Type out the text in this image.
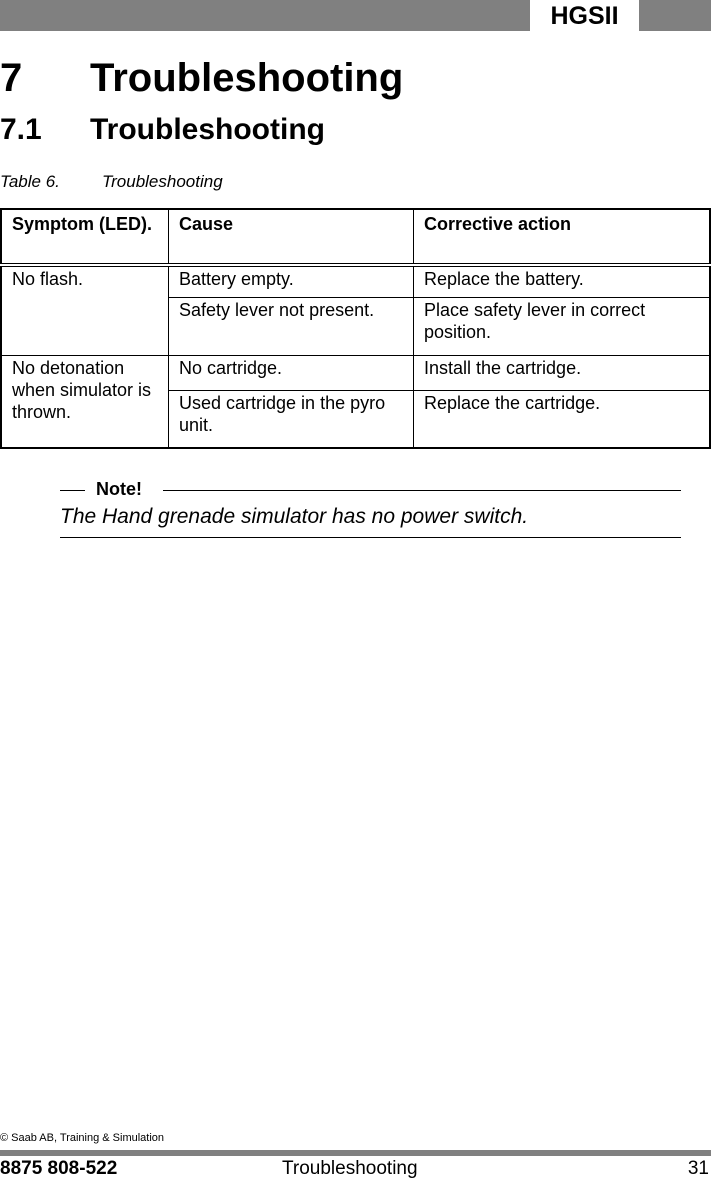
HGSII
7 Troubleshooting
7.1 Troubleshooting
Table 6. Troubleshooting
Symptom (LED).	Cause	Corrective action
No flash.	Battery empty.	Replace the battery.
	Safety lever not present.	Place safety lever in correct position.
No detonation when simulator is thrown.	No cartridge.	Install the cartridge.
	Used cartridge in the pyro unit.	Replace the cartridge.
Note!
The Hand grenade simulator has no power switch.
© Saab AB, Training & Simulation
8875 808-522	Troubleshooting	31
